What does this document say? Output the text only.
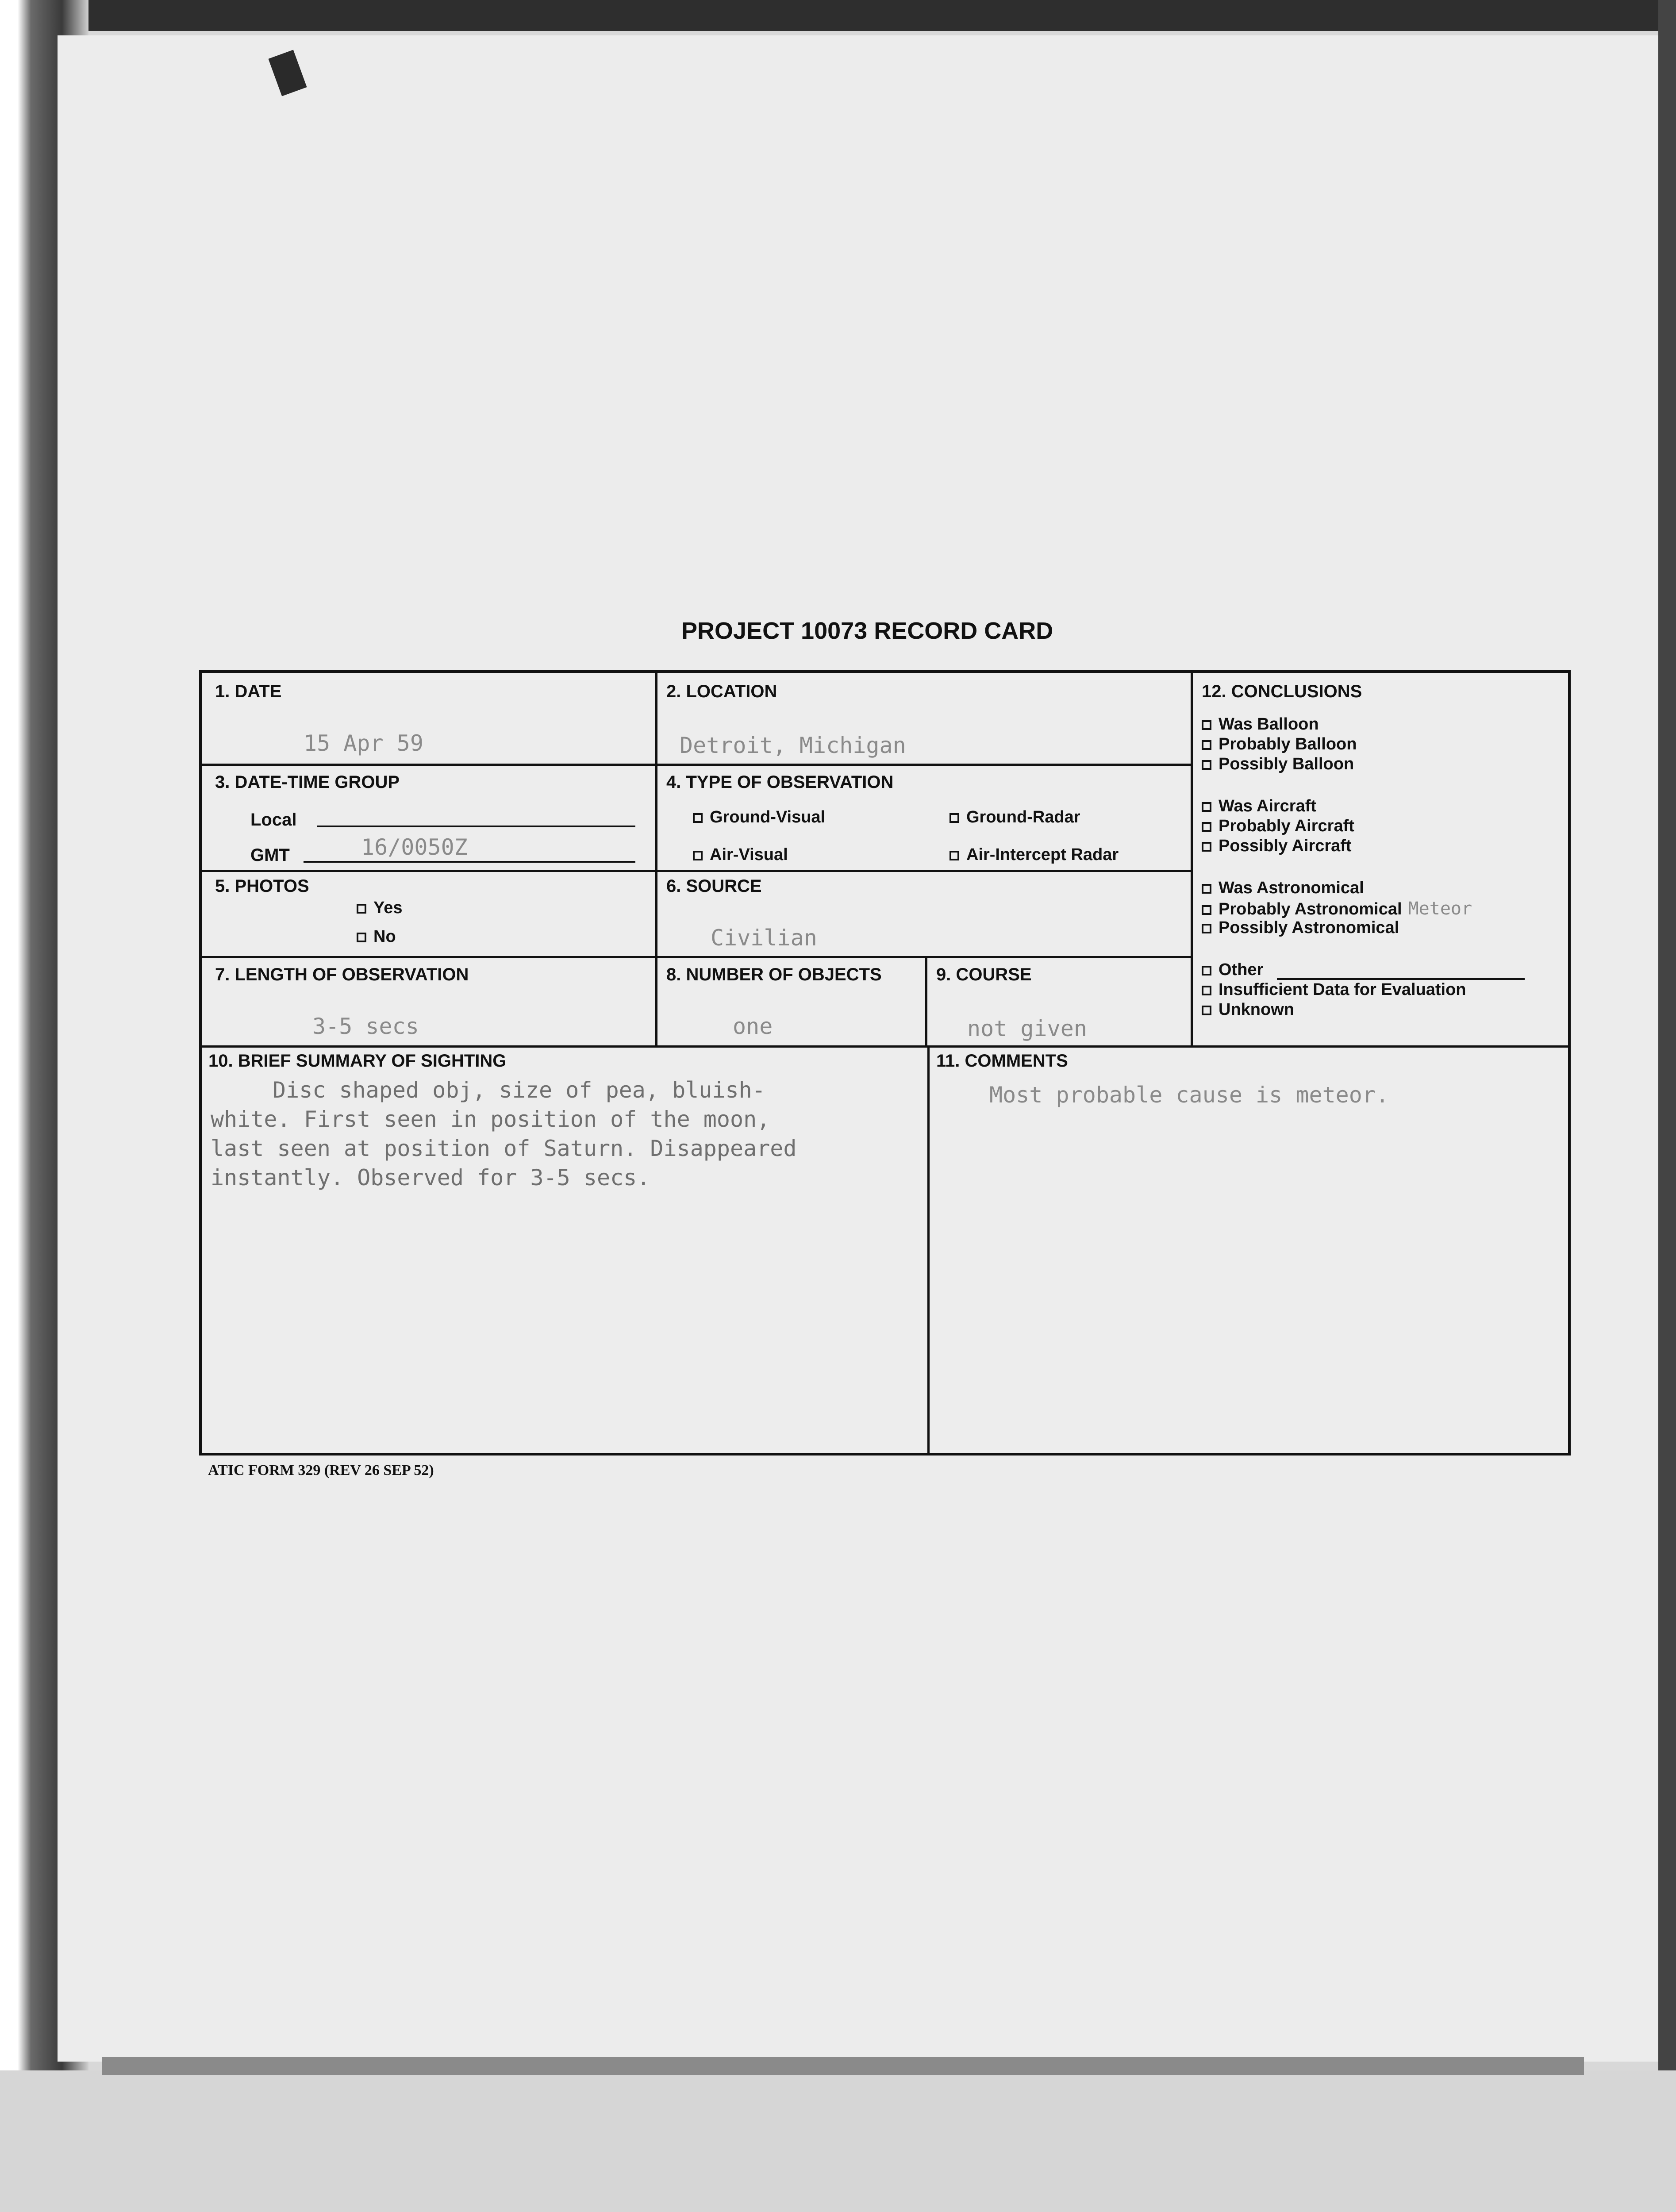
PROJECT 10073 RECORD CARD
1. DATE
15 Apr 59
2. LOCATION
Detroit, Michigan
3. DATE-TIME GROUP
Local
GMT	16/0050Z
4. TYPE OF OBSERVATION
Ground-Visual	Ground-Radar
Air-Visual	Air-Intercept Radar
5. PHOTOS
Yes
No
6. SOURCE
Civilian
7. LENGTH OF OBSERVATION
3-5 secs
8. NUMBER OF OBJECTS
one
9. COURSE
not given
10. BRIEF SUMMARY OF SIGHTING
Disc shaped obj, size of pea, bluish-
white. First seen in position of the moon,
last seen at position of Saturn. Disappeared
instantly. Observed for 3-5 secs.
11. COMMENTS
Most probable cause is meteor.
12. CONCLUSIONS
Was Balloon
Probably Balloon
Possibly Balloon
Was Aircraft
Probably Aircraft
Possibly Aircraft
Was Astronomical
Probably Astronomical Meteor
Possibly Astronomical
Other
Insufficient Data for Evaluation
Unknown
ATIC FORM 329 (REV 26 SEP 52)
